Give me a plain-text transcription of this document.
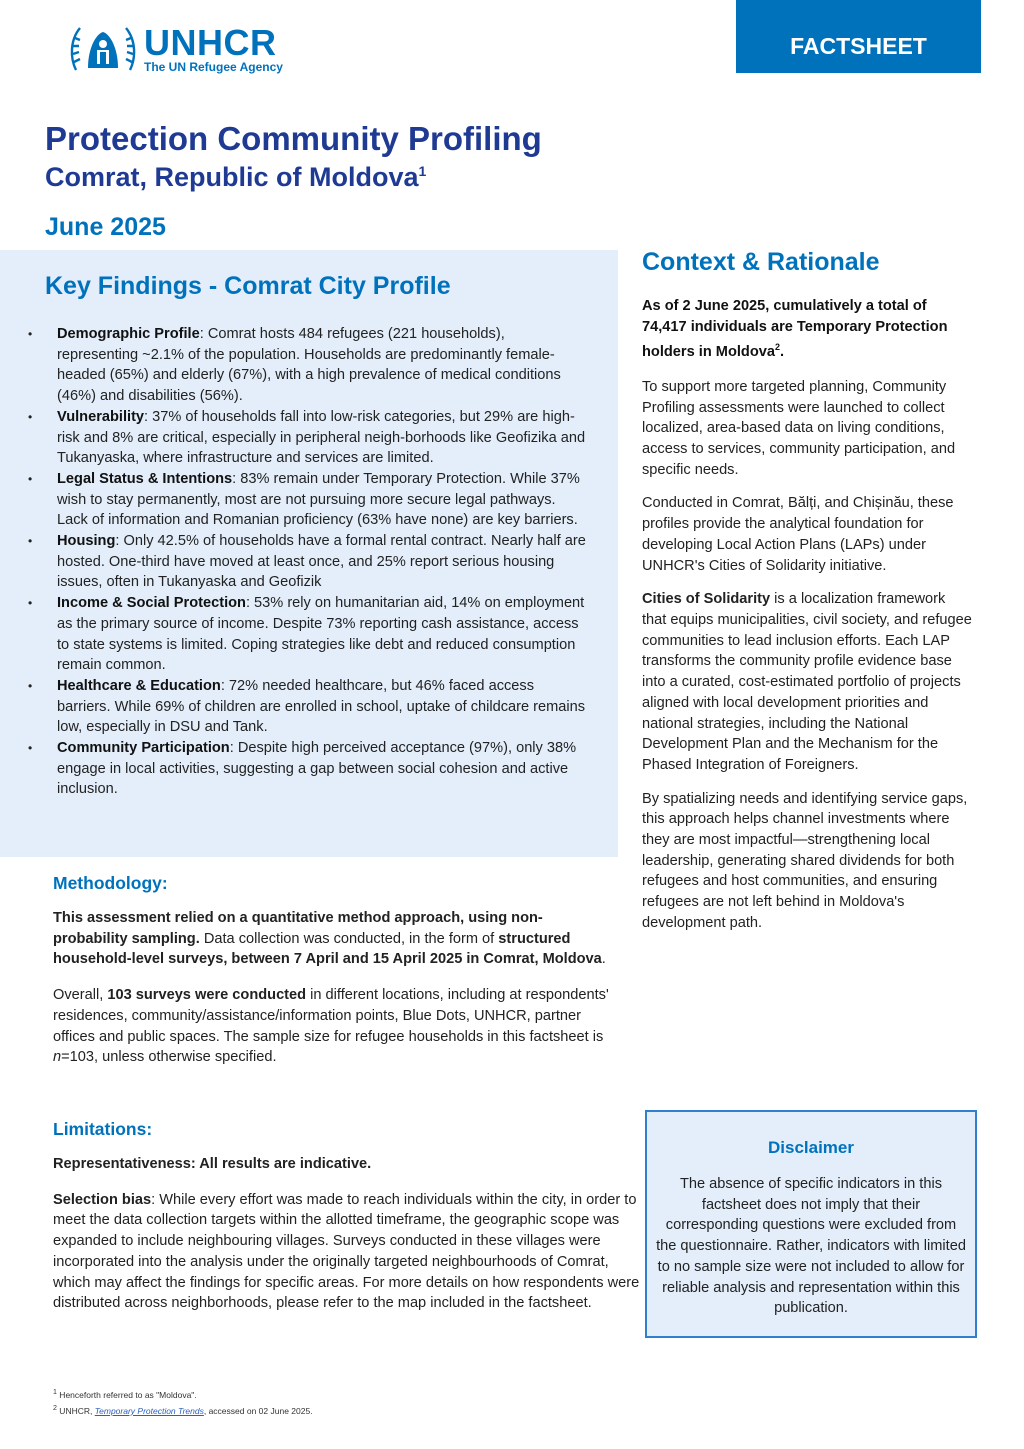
UNHCR
The UN Refugee Agency
FACTSHEET
Protection Community Profiling
Comrat, Republic of Moldova$^1$
June 2025
Key Findings - Comrat City Profile
• Demographic Profile: Comrat hosts 484 refugees (221 households), representing ~2.1% of the population. Households are predominantly female-headed (65%) and elderly (67%), with a high prevalence of medical conditions (46%) and disabilities (56%).
• Vulnerability: 37% of households fall into low-risk categories, but 29% are high-risk and 8% are critical, especially in peripheral neigh-borhoods like Geofizika and Tukanyaska, where infrastructure and services are limited.
• Legal Status & Intentions: 83% remain under Temporary Protection. While 37% wish to stay permanently, most are not pursuing more secure legal pathways. Lack of information and Romanian proficiency (63% have none) are key barriers.
• Housing: Only 42.5% of households have a formal rental contract. Nearly half are hosted. One-third have moved at least once, and 25% report serious housing issues, often in Tukanyaska and Geofizik
• Income & Social Protection: 53% rely on humanitarian aid, 14% on employment as the primary source of income. Despite 73% reporting cash assistance, access to state systems is limited. Coping strategies like debt and reduced consumption remain common.
• Healthcare & Education: 72% needed healthcare, but 46% faced access barriers. While 69% of children are enrolled in school, uptake of childcare remains low, especially in DSU and Tank.
• Community Participation: Despite high perceived acceptance (97%), only 38% engage in local activities, suggesting a gap between social cohesion and active inclusion.
Context & Rationale

As of 2 June 2025, cumulatively a total of 74,417 individuals are Temporary Protection holders in Moldova$^2$.

To support more targeted planning, Community Profiling assessments were launched to collect localized, area-based data on living conditions, access to services, community participation, and specific needs.

Conducted in Comrat, Bălți, and Chișinău, these profiles provide the analytical foundation for developing Local Action Plans (LAPs) under UNHCR's Cities of Solidarity initiative.

Cities of Solidarity is a localization framework that equips municipalities, civil society, and refugee communities to lead inclusion efforts. Each LAP transforms the community profile evidence base into a curated, cost-estimated portfolio of projects aligned with local development priorities and national strategies, including the National Development Plan and the Mechanism for the Phased Integration of Foreigners.

By spatializing needs and identifying service gaps, this approach helps channel investments where they are most impactful—strengthening local leadership, generating shared dividends for both refugees and host communities, and ensuring refugees are not left behind in Moldova's development path.

Methodology:

This assessment relied on a quantitative method approach, using non-probability sampling. Data collection was conducted, in the form of structured household-level surveys, between 7 April and 15 April 2025 in Comrat, Moldova.

Overall, 103 surveys were conducted in different locations, including at respondents' residences, community/assistance/information points, Blue Dots, UNHCR, partner offices and public spaces. The sample size for refugee households in this factsheet is n=103, unless otherwise specified.

Limitations:

Representativeness: All results are indicative.

Selection bias: While every effort was made to reach individuals within the city, in order to meet the data collection targets within the allotted timeframe, the geographic scope was expanded to include neighbouring villages. Surveys conducted in these villages were incorporated into the analysis under the originally targeted neighbourhoods of Comrat, which may affect the findings for specific areas. For more details on how respondents were distributed across neighborhoods, please refer to the map included in the factsheet.

Disclaimer
The absence of specific indicators in this factsheet does not imply that their corresponding questions were excluded from the questionnaire. Rather, indicators with limited to no sample size were not included to allow for reliable analysis and representation within this publication.
$^1$ Henceforth referred to as "Moldova".
$^2$ UNHCR, Temporary Protection Trends, accessed on 02 June 2025.
